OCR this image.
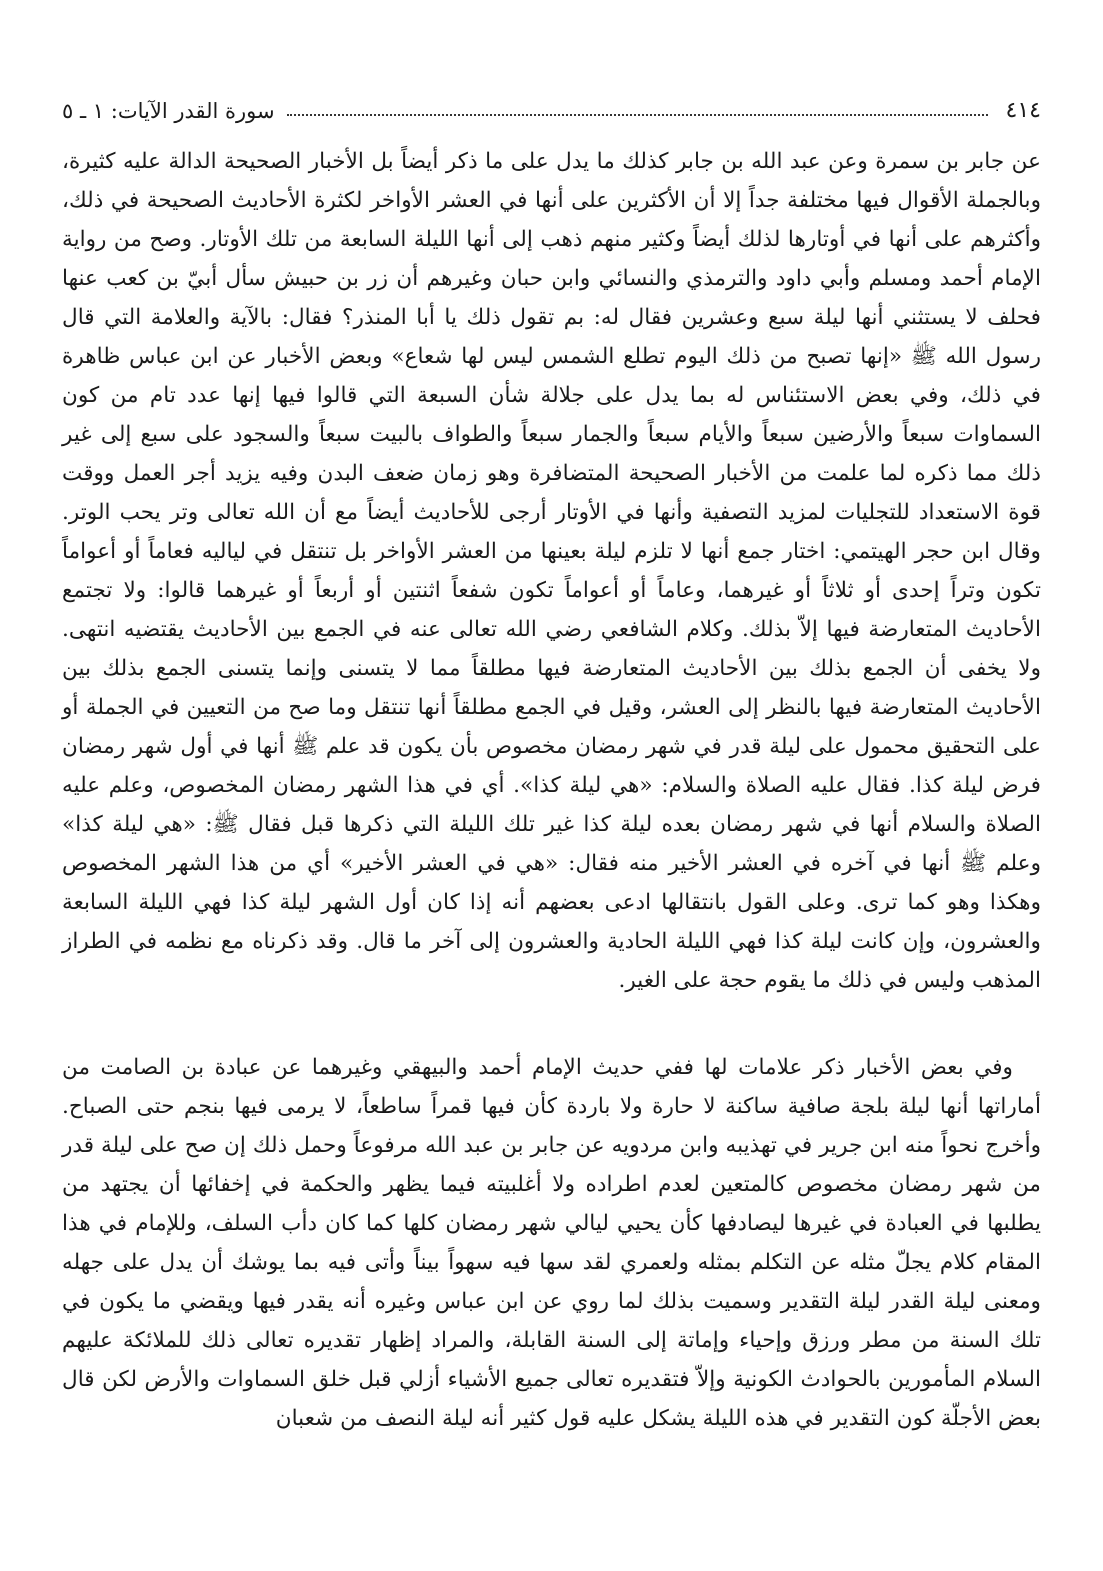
٤١٤
سورة القدر الآيات: ١ ـ ٥

عن جابر بن سمرة وعن عبد الله بن جابر كذلك ما يدل على ما ذكر أيضاً بل الأخبار الصحيحة الدالة عليه كثيرة، وبالجملة الأقوال فيها مختلفة جداً إلا أن الأكثرين على أنها في العشر الأواخر لكثرة الأحاديث الصحيحة في ذلك، وأكثرهم على أنها في أوتارها لذلك أيضاً وكثير منهم ذهب إلى أنها الليلة السابعة من تلك الأوتار. وصح من رواية الإمام أحمد ومسلم وأبي داود والترمذي والنسائي وابن حبان وغيرهم أن زر بن حبيش سأل أبيّ بن كعب عنها فحلف لا يستثني أنها ليلة سبع وعشرين فقال له: بم تقول ذلك يا أبا المنذر؟ فقال: بالآية والعلامة التي قال رسول الله ﷺ «إنها تصبح من ذلك اليوم تطلع الشمس ليس لها شعاع» وبعض الأخبار عن ابن عباس ظاهرة في ذلك، وفي بعض الاستئناس له بما يدل على جلالة شأن السبعة التي قالوا فيها إنها عدد تام من كون السماوات سبعاً والأرضين سبعاً والأيام سبعاً والجمار سبعاً والطواف بالبيت سبعاً والسجود على سبع إلى غير ذلك مما ذكره لما علمت من الأخبار الصحيحة المتضافرة وهو زمان ضعف البدن وفيه يزيد أجر العمل ووقت قوة الاستعداد للتجليات لمزيد التصفية وأنها في الأوتار أرجى للأحاديث أيضاً مع أن الله تعالى وتر يحب الوتر. وقال ابن حجر الهيتمي: اختار جمع أنها لا تلزم ليلة بعينها من العشر الأواخر بل تنتقل في لياليه فعاماً أو أعواماً تكون وتراً إحدى أو ثلاثاً أو غيرهما، وعاماً أو أعواماً تكون شفعاً اثنتين أو أربعاً أو غيرهما قالوا: ولا تجتمع الأحاديث المتعارضة فيها إلاّ بذلك. وكلام الشافعي رضي الله تعالى عنه في الجمع بين الأحاديث يقتضيه انتهى. ولا يخفى أن الجمع بذلك بين الأحاديث المتعارضة فيها مطلقاً مما لا يتسنى وإنما يتسنى الجمع بذلك بين الأحاديث المتعارضة فيها بالنظر إلى العشر، وقيل في الجمع مطلقاً أنها تنتقل وما صح من التعيين في الجملة أو على التحقيق محمول على ليلة قدر في شهر رمضان مخصوص بأن يكون قد علم ﷺ أنها في أول شهر رمضان فرض ليلة كذا. فقال عليه الصلاة والسلام: «هي ليلة كذا». أي في هذا الشهر رمضان المخصوص، وعلم عليه الصلاة والسلام أنها في شهر رمضان بعده ليلة كذا غير تلك الليلة التي ذكرها قبل فقال ﷺ: «هي ليلة كذا» وعلم ﷺ أنها في آخره في العشر الأخير منه فقال: «هي في العشر الأخير» أي من هذا الشهر المخصوص وهكذا وهو كما ترى. وعلى القول بانتقالها ادعى بعضهم أنه إذا كان أول الشهر ليلة كذا فهي الليلة السابعة والعشرون، وإن كانت ليلة كذا فهي الليلة الحادية والعشرون إلى آخر ما قال. وقد ذكرناه مع نظمه في الطراز المذهب وليس في ذلك ما يقوم حجة على الغير.

وفي بعض الأخبار ذكر علامات لها ففي حديث الإمام أحمد والبيهقي وغيرهما عن عبادة بن الصامت من أماراتها أنها ليلة بلجة صافية ساكنة لا حارة ولا باردة كأن فيها قمراً ساطعاً، لا يرمى فيها بنجم حتى الصباح. وأخرج نحواً منه ابن جرير في تهذيبه وابن مردويه عن جابر بن عبد الله مرفوعاً وحمل ذلك إن صح على ليلة قدر من شهر رمضان مخصوص كالمتعين لعدم اطراده ولا أغلبيته فيما يظهر والحكمة في إخفائها أن يجتهد من يطلبها في العبادة في غيرها ليصادفها كأن يحيي ليالي شهر رمضان كلها كما كان دأب السلف، وللإمام في هذا المقام كلام يجلّ مثله عن التكلم بمثله ولعمري لقد سها فيه سهواً بيناً وأتى فيه بما يوشك أن يدل على جهله ومعنى ليلة القدر ليلة التقدير وسميت بذلك لما روي عن ابن عباس وغيره أنه يقدر فيها ويقضي ما يكون في تلك السنة من مطر ورزق وإحياء وإماتة إلى السنة القابلة، والمراد إظهار تقديره تعالى ذلك للملائكة عليهم السلام المأمورين بالحوادث الكونية وإلاّ فتقديره تعالى جميع الأشياء أزلي قبل خلق السماوات والأرض لكن قال بعض الأجلّة كون التقدير في هذه الليلة يشكل عليه قول كثير أنه ليلة النصف من شعبان
